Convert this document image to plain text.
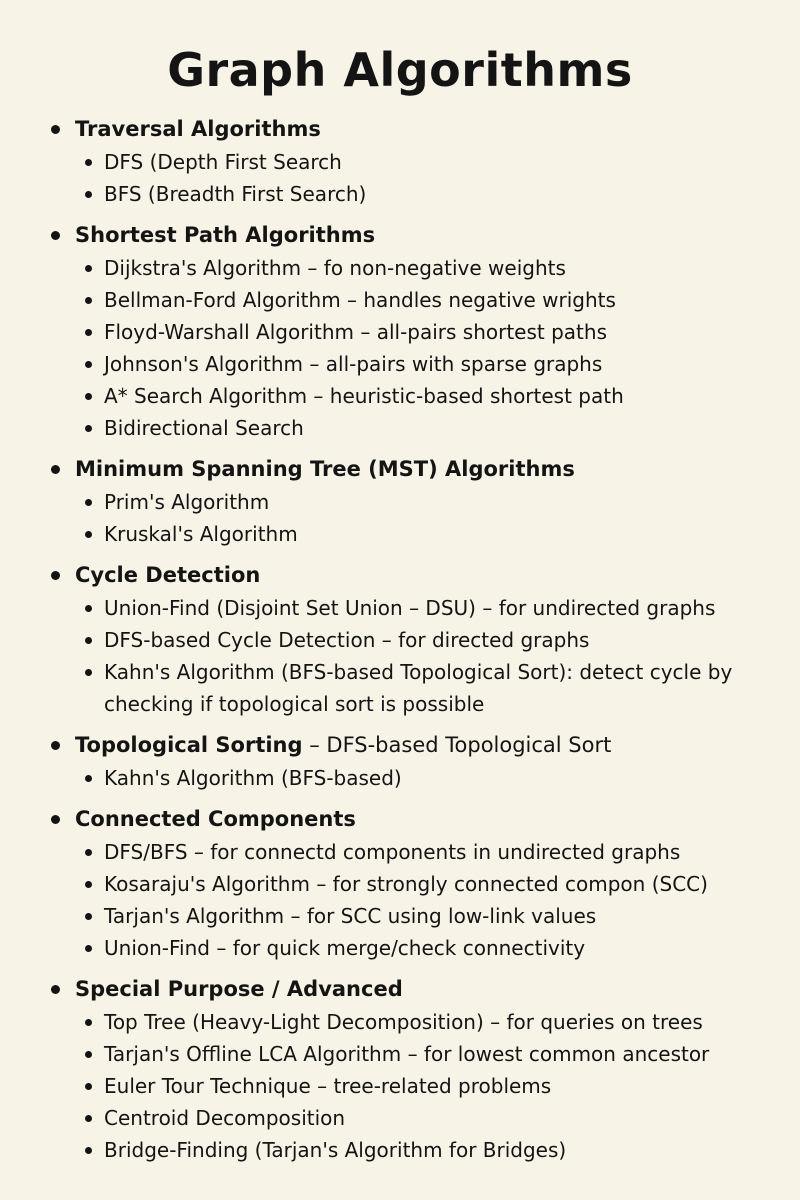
Graph Algorithms
Traversal Algorithms
DFS (Depth First Search
BFS (Breadth First Search)
Shortest Path Algorithms
Dijkstra's Algorithm – fo non-negative weights
Bellman-Ford Algorithm – handles negative wrights
Floyd-Warshall Algorithm – all-pairs shortest paths
Johnson's Algorithm – all-pairs with sparse graphs
A* Search Algorithm – heuristic-based shortest path
Bidirectional Search
Minimum Spanning Tree (MST) Algorithms
Prim's Algorithm
Kruskal's Algorithm
Cycle Detection
Union-Find (Disjoint Set Union – DSU) – for undirected graphs
DFS-based Cycle Detection – for directed graphs
Kahn's Algorithm (BFS-based Topological Sort): detect cycle by checking if topological sort is possible
Topological Sorting – DFS-based Topological Sort
Kahn's Algorithm (BFS-based)
Connected Components
DFS/BFS – for connectd components in undirected graphs
Kosaraju's Algorithm – for strongly connected compon (SCC)
Tarjan's Algorithm – for SCC using low-link values
Union-Find – for quick merge/check connectivity
Special Purpose / Advanced
Top Tree (Heavy-Light Decomposition) – for queries on trees
Tarjan's Offline LCA Algorithm – for lowest common ancestor
Euler Tour Technique – tree-related problems
Centroid Decomposition
Bridge-Finding (Tarjan's Algorithm for Bridges)
